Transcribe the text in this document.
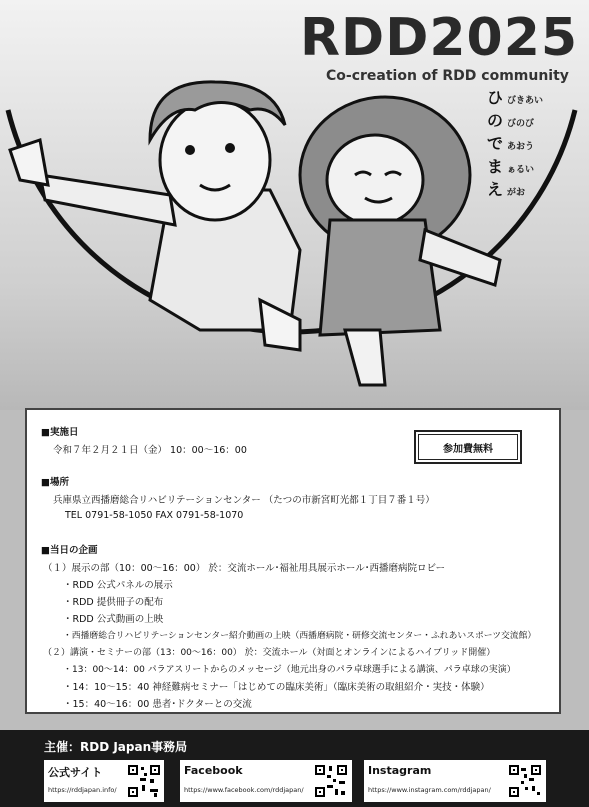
RDD2025
Co-creation of RDD community
ひびきあい
のびのび
であおう
まぁるい
えがお
■実施日
令和７年２月２１日（金） 10：00～16：00	参加費無料
■場所
兵庫県立西播磨総合リハビリテーションセンター （たつの市新宮町光都１丁目７番１号）
TEL 0791-58-1050 FAX 0791-58-1070
■当日の企画
（１）展示の部（10：00～16：00） 於：交流ホール･福祉用具展示ホール･西播磨病院ロビー
・RDD 公式パネルの展示
・RDD 提供冊子の配布
・RDD 公式動画の上映
・西播磨総合リハビリテーションセンター紹介動画の上映（西播磨病院・研修交流センター・ふれあいスポーツ交流館）
（２）講演・セミナーの部（13：00～16：00） 於：交流ホール（対面とオンラインによるハイブリッド開催）
・13：00～14：00 パラアスリートからのメッセージ（地元出身のパラ卓球選手による講演、パラ卓球の実演）
・14：10～15：40 神経難病セミナー「はじめての臨床美術」（臨床美術の取組紹介・実技・体験）
・15：40～16：00 患者･ドクターとの交流
主催：RDD Japan事務局
公式サイト
https://rddjapan.info/
Facebook
https://www.facebook.com/rddjapan/
Instagram
https://www.instagram.com/rddjapan/
